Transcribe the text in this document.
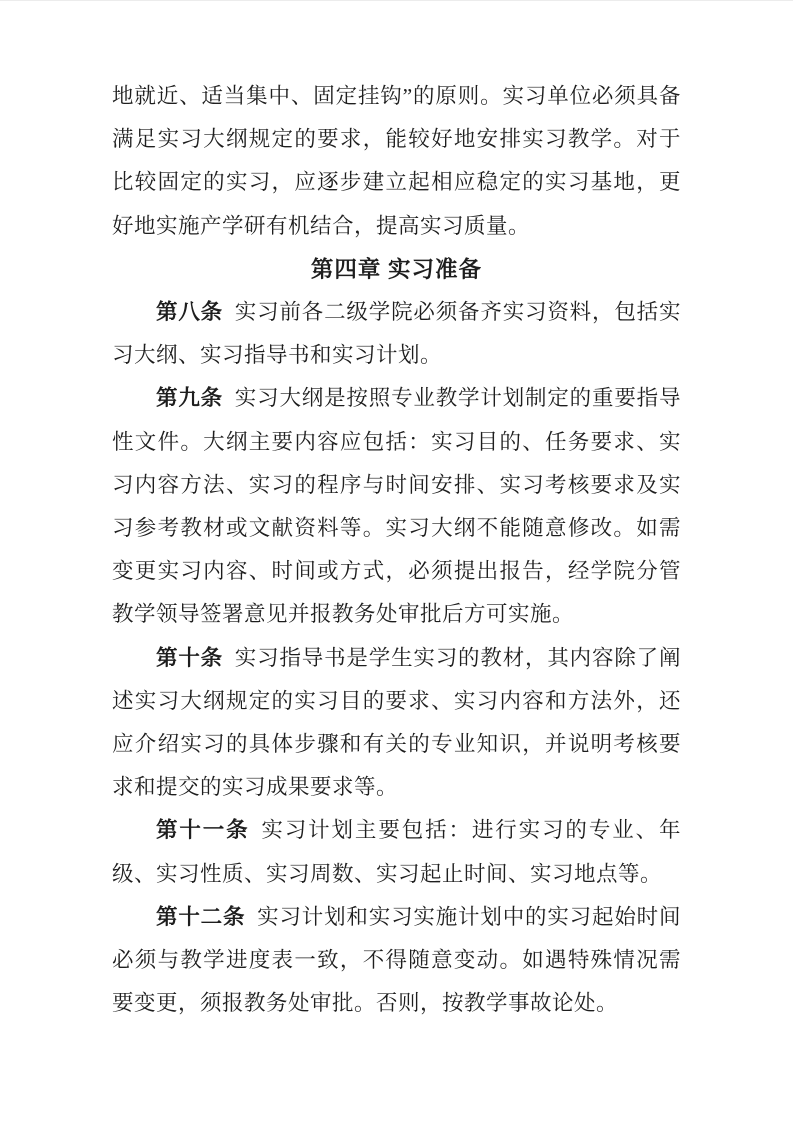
地就近、适当集中、固定挂钩”的原则。实习单位必须具备满足实习大纲规定的要求，能较好地安排实习教学。对于比较固定的实习，应逐步建立起相应稳定的实习基地，更好地实施产学研有机结合，提高实习质量。

第四章 实习准备

第八条 实习前各二级学院必须备齐实习资料，包括实习大纲、实习指导书和实习计划。

第九条 实习大纲是按照专业教学计划制定的重要指导性文件。大纲主要内容应包括：实习目的、任务要求、实习内容方法、实习的程序与时间安排、实习考核要求及实习参考教材或文献资料等。实习大纲不能随意修改。如需变更实习内容、时间或方式，必须提出报告，经学院分管教学领导签署意见并报教务处审批后方可实施。

第十条 实习指导书是学生实习的教材，其内容除了阐述实习大纲规定的实习目的要求、实习内容和方法外，还应介绍实习的具体步骤和有关的专业知识，并说明考核要求和提交的实习成果要求等。

第十一条 实习计划主要包括：进行实习的专业、年级、实习性质、实习周数、实习起止时间、实习地点等。

第十二条 实习计划和实习实施计划中的实习起始时间必须与教学进度表一致，不得随意变动。如遇特殊情况需要变更，须报教务处审批。否则，按教学事故论处。
